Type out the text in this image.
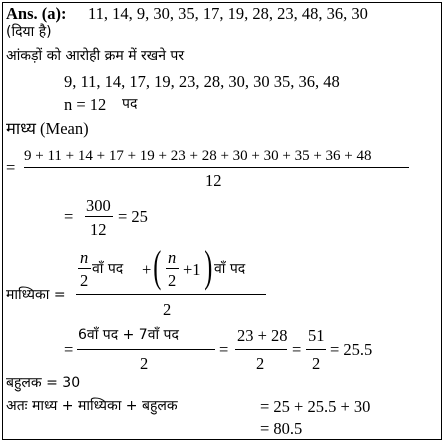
Ans. (a): 11, 14, 9, 30, 35, 17, 19, 28, 23, 48, 36, 30
(दिया है)
आंकड़ों को आरोही क्रम में रखने पर
9, 11, 14, 17, 19, 23, 28, 30, 30 35, 36, 48
n = 12 पद
माध्य (Mean)
=
9 + 11 + 14 + 17 + 19 + 23 + 28 + 30 + 30 + 35 + 36 + 48
12
=
300
12
= 25
माध्यिका =
n
2
वाँ पद + ( n
2
+1 ) वाँ पद
2
=
6वाँ पद + 7वाँ पद
2
=
23 + 28
2
=
51
2
= 25.5
बहुलक = 30
अतः माध्य + माध्यिका + बहुलक	= 25 + 25.5 + 30
= 80.5
